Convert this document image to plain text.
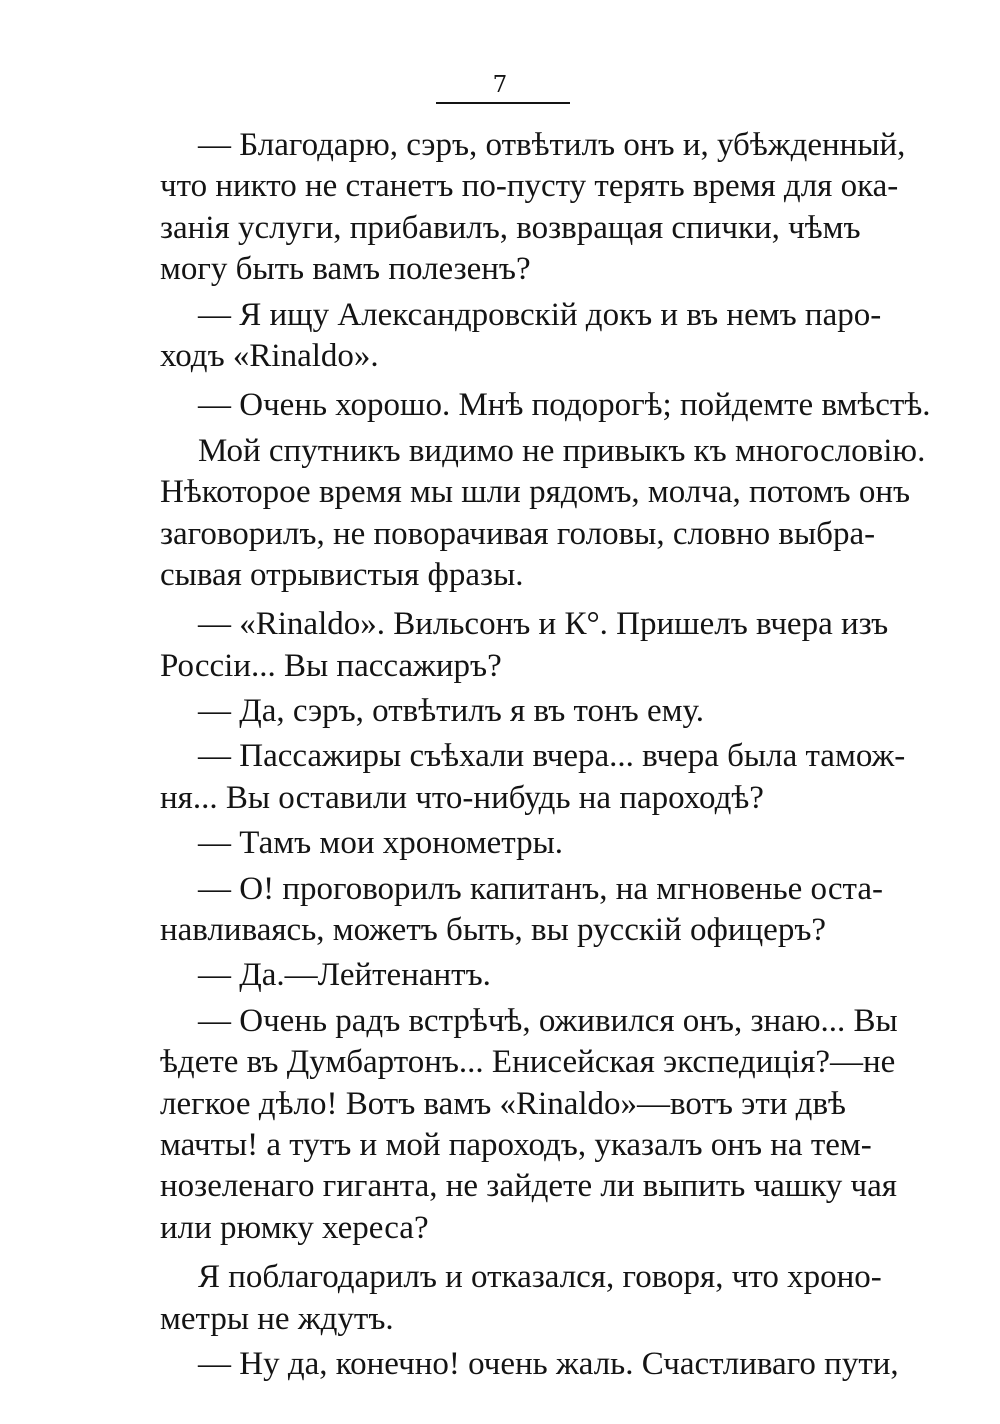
7
— Благодарю, сэръ, отвѣтилъ онъ и, убѣжденный,
что никто не станетъ по-пусту терять время для ока-
занія услуги, прибавилъ, возвращая спички, чѣмъ
могу быть вамъ полезенъ?
— Я ищу Александровскій докъ и въ немъ паро-
ходъ «Rinaldo».
— Очень хорошо. Мнѣ подорогѣ; пойдемте вмѣстѣ.
Мой спутникъ видимо не привыкъ къ многословію.
Нѣкоторое время мы шли рядомъ, молча, потомъ онъ
заговорилъ, не поворачивая головы, словно выбра-
сывая отрывистыя фразы.
— «Rinaldo». Вильсонъ и К°. Пришелъ вчера изъ
Россіи... Вы пассажиръ?
— Да, сэръ, отвѣтилъ я въ тонъ ему.
— Пассажиры съѣхали вчера... вчера была тамож-
ня... Вы оставили что-нибудь на пароходѣ?
— Тамъ мои хронометры.
— О! проговорилъ капитанъ, на мгновенье оста-
навливаясь, можетъ быть, вы русскій офицеръ?
— Да.—Лейтенантъ.
— Очень радъ встрѣчѣ, оживился онъ, знаю... Вы
ѣдете въ Думбартонъ... Енисейская экспедиція?—не
легкое дѣло! Вотъ вамъ «Rinaldo»—вотъ эти двѣ
мачты! а тутъ и мой пароходъ, указалъ онъ на тем-
нозеленаго гиганта, не зайдете ли выпить чашку чая
или рюмку хереса?
Я поблагодарилъ и отказался, говоря, что хроно-
метры не ждутъ.
— Ну да, конечно! очень жаль. Счастливаго пути,
